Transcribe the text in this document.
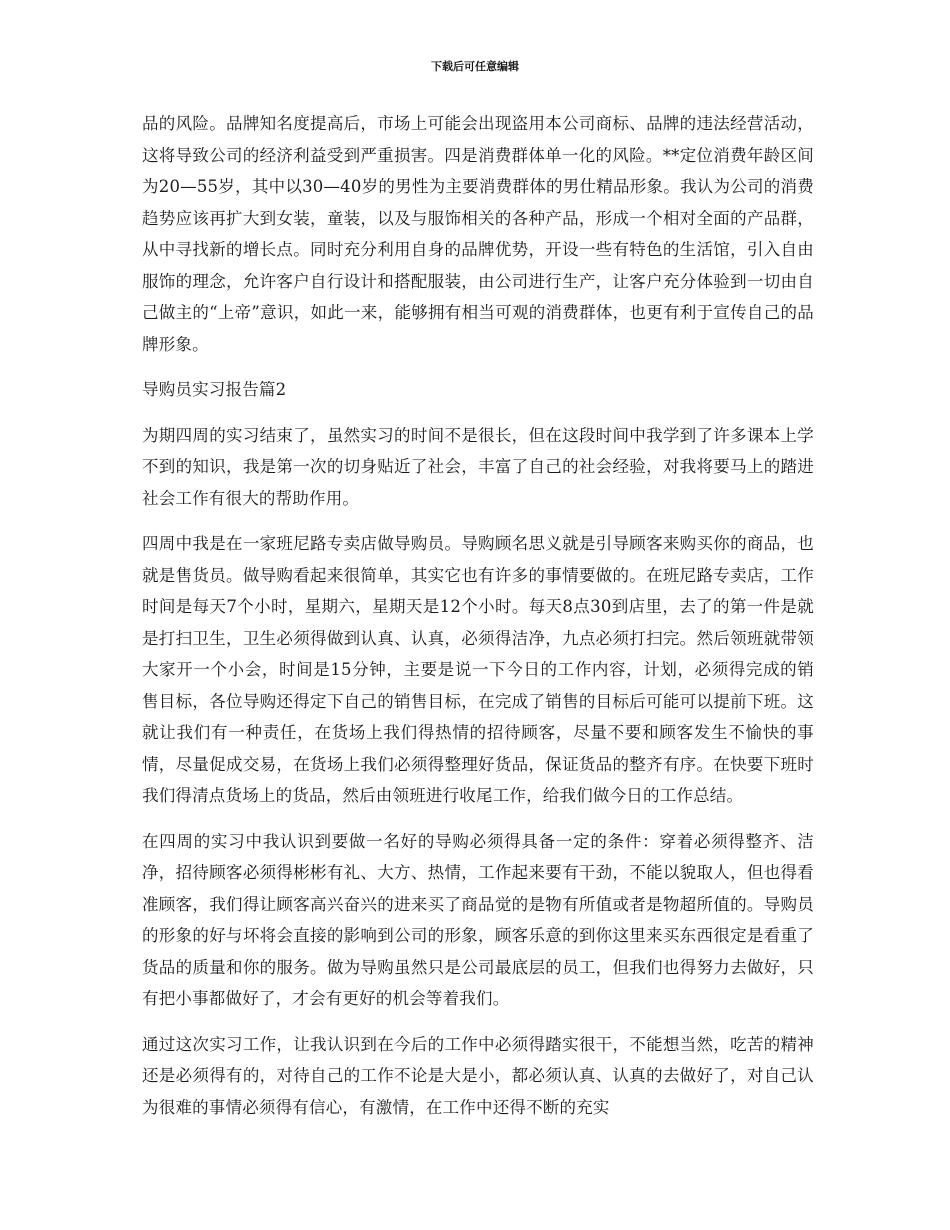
下载后可任意编辑

品的风险。品牌知名度提高后，市场上可能会出现盗用本公司商标、品牌的违法经营活动，这将导致公司的经济利益受到严重损害。四是消费群体单一化的风险。**定位消费年龄区间为20—55岁，其中以30—40岁的男性为主要消费群体的男仕精品形象。我认为公司的消费趋势应该再扩大到女装，童装，以及与服饰相关的各种产品，形成一个相对全面的产品群，从中寻找新的增长点。同时充分利用自身的品牌优势，开设一些有特色的生活馆，引入自由服饰的理念，允许客户自行设计和搭配服装，由公司进行生产，让客户充分体验到一切由自己做主的“上帝”意识，如此一来，能够拥有相当可观的消费群体，也更有利于宣传自己的品牌形象。

导购员实习报告篇2

为期四周的实习结束了，虽然实习的时间不是很长，但在这段时间中我学到了许多课本上学不到的知识，我是第一次的切身贴近了社会，丰富了自己的社会经验，对我将要马上的踏进社会工作有很大的帮助作用。

四周中我是在一家班尼路专卖店做导购员。导购顾名思义就是引导顾客来购买你的商品，也就是售货员。做导购看起来很简单，其实它也有许多的事情要做的。在班尼路专卖店，工作时间是每天7个小时，星期六，星期天是12个小时。每天8点30到店里，去了的第一件是就是打扫卫生，卫生必须得做到认真、认真，必须得洁净，九点必须打扫完。然后领班就带领大家开一个小会，时间是15分钟，主要是说一下今日的工作内容，计划，必须得完成的销售目标，各位导购还得定下自己的销售目标，在完成了销售的目标后可能可以提前下班。这就让我们有一种责任，在货场上我们得热情的招待顾客，尽量不要和顾客发生不愉快的事情，尽量促成交易，在货场上我们必须得整理好货品，保证货品的整齐有序。在快要下班时我们得清点货场上的货品，然后由领班进行收尾工作，给我们做今日的工作总结。

在四周的实习中我认识到要做一名好的导购必须得具备一定的条件：穿着必须得整齐、洁净，招待顾客必须得彬彬有礼、大方、热情，工作起来要有干劲，不能以貌取人，但也得看准顾客，我们得让顾客高兴奋兴的进来买了商品觉的是物有所值或者是物超所值的。导购员的形象的好与坏将会直接的影响到公司的形象，顾客乐意的到你这里来买东西很定是看重了货品的质量和你的服务。做为导购虽然只是公司最底层的员工，但我们也得努力去做好，只有把小事都做好了，才会有更好的机会等着我们。

通过这次实习工作，让我认识到在今后的工作中必须得踏实很干，不能想当然，吃苦的精神还是必须得有的，对待自己的工作不论是大是小，都必须认真、认真的去做好了，对自己认为很难的事情必须得有信心，有激情，在工作中还得不断的充实
